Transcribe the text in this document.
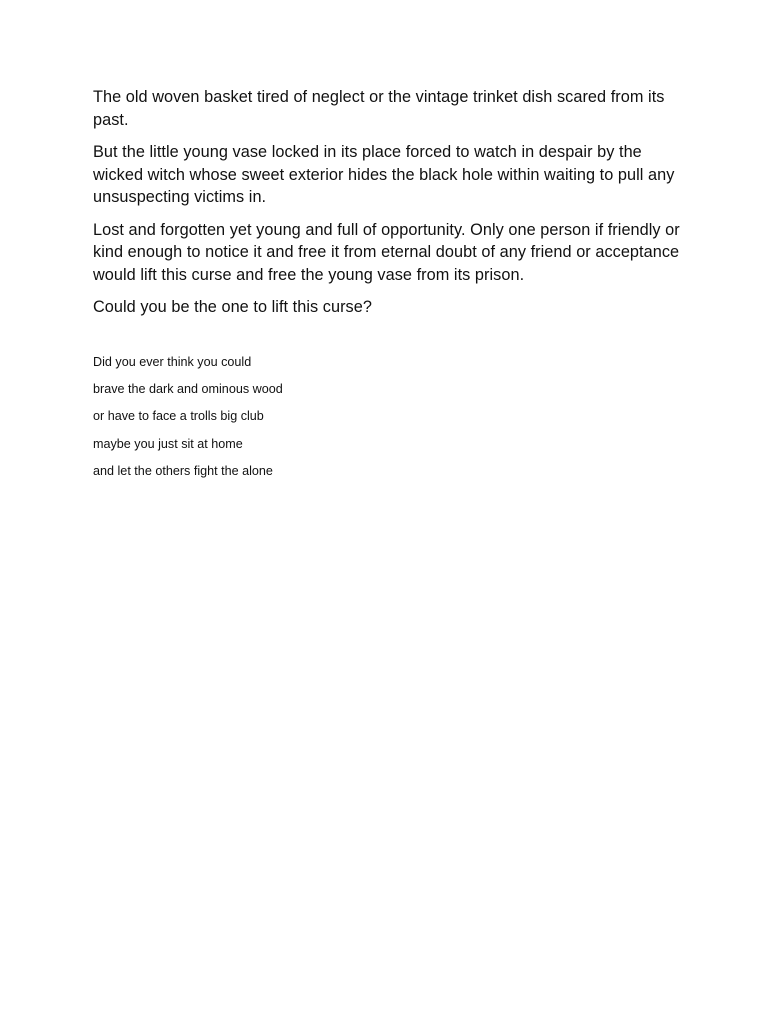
The old woven basket tired of neglect or the vintage trinket dish scared from its past.

But the little young vase locked in its place forced to watch in despair by the wicked witch whose sweet exterior hides the black hole within waiting to pull any unsuspecting victims in.

Lost and forgotten yet young and full of opportunity. Only one person if friendly or kind enough to notice it and free it from eternal doubt of any friend or acceptance would lift this curse and free the young vase from its prison.

Could you be the one to lift this curse?

Did you ever think you could

brave the dark and ominous wood

or have to face a trolls big club

maybe you just sit at home

and let the others fight the alone
